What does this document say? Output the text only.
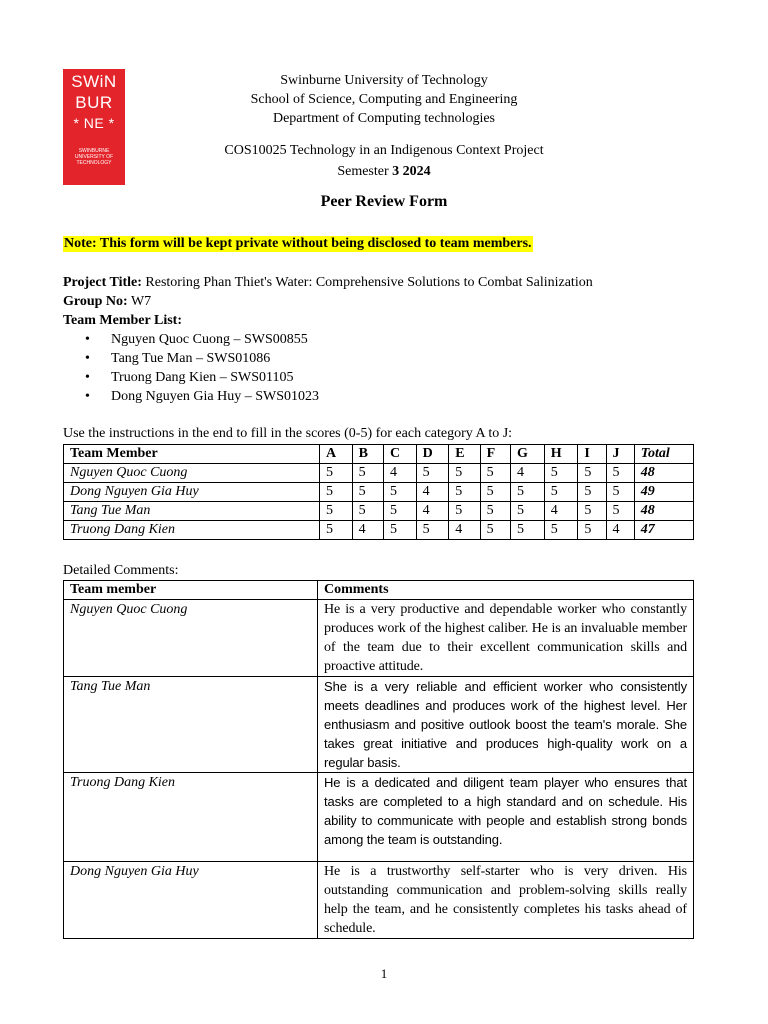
SWiN
BUR
* NE *
SWINBURNE
UNIVERSITY OF
TECHNOLOGY
Swinburne University of Technology
School of Science, Computing and Engineering
Department of Computing technologies
COS10025 Technology in an Indigenous Context Project
Semester 3 2024
Peer Review Form
Note: This form will be kept private without being disclosed to team members.
Project Title: Restoring Phan Thiet's Water: Comprehensive Solutions to Combat Salinization
Group No: W7
Team Member List:
• Nguyen Quoc Cuong – SWS00855
• Tang Tue Man – SWS01086
• Truong Dang Kien – SWS01105
• Dong Nguyen Gia Huy – SWS01023
Use the instructions in the end to fill in the scores (0-5) for each category A to J:
Team Member	A	B	C	D	E	F	G	H	I	J	Total
Nguyen Quoc Cuong	5	5	4	5	5	5	4	5	5	5	48
Dong Nguyen Gia Huy	5	5	5	4	5	5	5	5	5	5	49
Tang Tue Man	5	5	5	4	5	5	5	4	5	5	48
Truong Dang Kien	5	4	5	5	4	5	5	5	5	4	47
Detailed Comments:
Team member	Comments
Nguyen Quoc Cuong	He is a very productive and dependable worker who constantly produces work of the highest caliber. He is an invaluable member of the team due to their excellent communication skills and proactive attitude.
Tang Tue Man	She is a very reliable and efficient worker who consistently meets deadlines and produces work of the highest level. Her enthusiasm and positive outlook boost the team's morale. She takes great initiative and produces high-quality work on a regular basis.
Truong Dang Kien	He is a dedicated and diligent team player who ensures that tasks are completed to a high standard and on schedule. His ability to communicate with people and establish strong bonds among the team is outstanding.
Dong Nguyen Gia Huy	He is a trustworthy self-starter who is very driven. His outstanding communication and problem-solving skills really help the team, and he consistently completes his tasks ahead of schedule.
1
